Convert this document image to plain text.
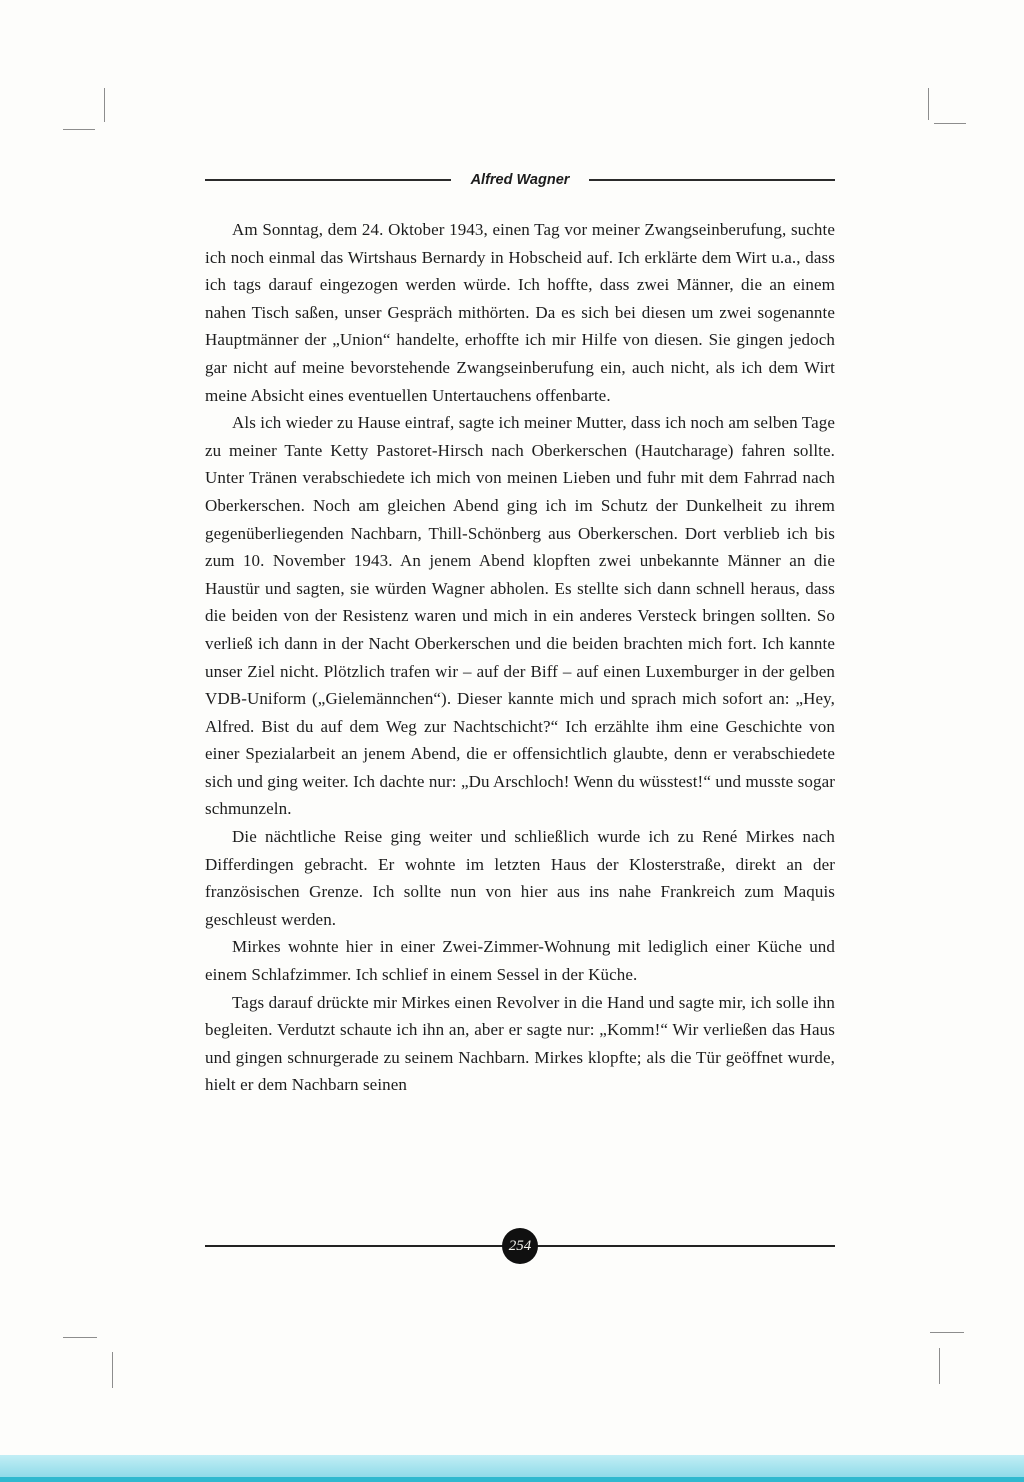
Alfred Wagner

Am Sonntag, dem 24. Oktober 1943, einen Tag vor meiner Zwangseinberufung, suchte ich noch einmal das Wirtshaus Bernardy in Hobscheid auf. Ich erklärte dem Wirt u.a., dass ich tags darauf eingezogen werden würde. Ich hoffte, dass zwei Männer, die an einem nahen Tisch saßen, unser Gespräch mithörten. Da es sich bei diesen um zwei sogenannte Hauptmänner der „Union“ handelte, erhoffte ich mir Hilfe von diesen. Sie gingen jedoch gar nicht auf meine bevorstehende Zwangseinberufung ein, auch nicht, als ich dem Wirt meine Absicht eines eventuellen Untertauchens offenbarte.

Als ich wieder zu Hause eintraf, sagte ich meiner Mutter, dass ich noch am selben Tage zu meiner Tante Ketty Pastoret-Hirsch nach Oberkerschen (Hautcharage) fahren sollte. Unter Tränen verabschiedete ich mich von meinen Lieben und fuhr mit dem Fahrrad nach Oberkerschen. Noch am gleichen Abend ging ich im Schutz der Dunkelheit zu ihrem gegenüberliegenden Nachbarn, Thill-Schönberg aus Oberkerschen. Dort verblieb ich bis zum 10. November 1943. An jenem Abend klopften zwei unbekannte Männer an die Haustür und sagten, sie würden Wagner abholen. Es stellte sich dann schnell heraus, dass die beiden von der Resistenz waren und mich in ein anderes Versteck bringen sollten. So verließ ich dann in der Nacht Oberkerschen und die beiden brachten mich fort. Ich kannte unser Ziel nicht. Plötzlich trafen wir – auf der Biff – auf einen Luxemburger in der gelben VDB-Uniform („Gielemännchen“). Dieser kannte mich und sprach mich sofort an: „Hey, Alfred. Bist du auf dem Weg zur Nachtschicht?“ Ich erzählte ihm eine Geschichte von einer Spezialarbeit an jenem Abend, die er offensichtlich glaubte, denn er verabschiedete sich und ging weiter. Ich dachte nur: „Du Arschloch! Wenn du wüsstest!“ und musste sogar schmunzeln.

Die nächtliche Reise ging weiter und schließlich wurde ich zu René Mirkes nach Differdingen gebracht. Er wohnte im letzten Haus der Klosterstraße, direkt an der französischen Grenze. Ich sollte nun von hier aus ins nahe Frankreich zum Maquis geschleust werden.

Mirkes wohnte hier in einer Zwei-Zimmer-Wohnung mit lediglich einer Küche und einem Schlafzimmer. Ich schlief in einem Sessel in der Küche.

Tags darauf drückte mir Mirkes einen Revolver in die Hand und sagte mir, ich solle ihn begleiten. Verdutzt schaute ich ihn an, aber er sagte nur: „Komm!“ Wir verließen das Haus und gingen schnurgerade zu seinem Nachbarn. Mirkes klopfte; als die Tür geöffnet wurde, hielt er dem Nachbarn seinen

254
